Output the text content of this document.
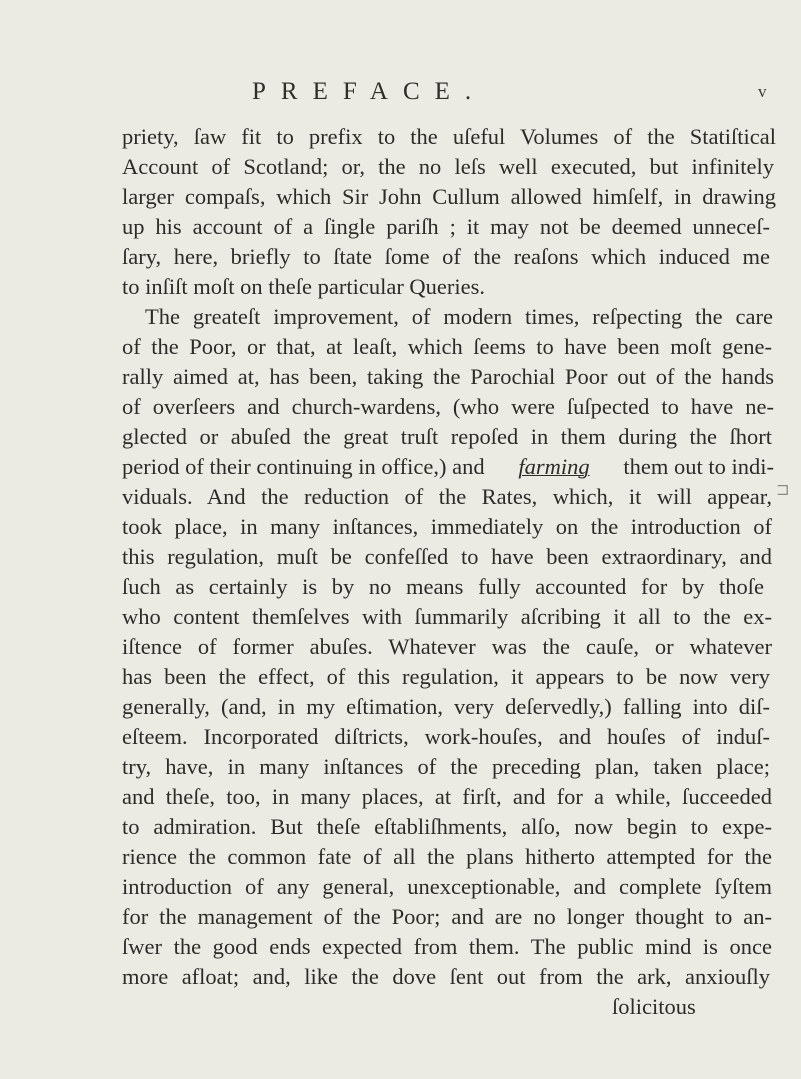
PREFACE.	v
priety, ſaw fit to prefix to the uſeful Volumes of the Statiſtical
Account of Scotland; or, the no leſs well executed, but infinitely
larger compaſs, which Sir John Cullum allowed himſelf, in drawing
up his account of a ſingle pariſh ; it may not be deemed unneceſ-
ſary, here, briefly to ſtate ſome of the reaſons which induced me
to inſiſt moſt on theſe particular Queries.
The greateſt improvement, of modern times, reſpecting the care
of the Poor, or that, at leaſt, which ſeems to have been moſt gene-
rally aimed at, has been, taking the Parochial Poor out of the hands
of overſeers and church-wardens, (who were ſuſpected to have ne-
glected or abuſed the great truſt repoſed in them during the ſhort
period of their continuing in office,) and farming them out to indi-
viduals. And the reduction of the Rates, which, it will appear,
took place, in many inſtances, immediately on the introduction of
this regulation, muſt be confeſſed to have been extraordinary, and
ſuch as certainly is by no means fully accounted for by thoſe
who content themſelves with ſummarily aſcribing it all to the ex-
iſtence of former abuſes. Whatever was the cauſe, or whatever
has been the effect, of this regulation, it appears to be now very
generally, (and, in my eſtimation, very deſervedly,) falling into diſ-
eſteem. Incorporated diſtricts, work-houſes, and houſes of induſ-
try, have, in many inſtances of the preceding plan, taken place;
and theſe, too, in many places, at firſt, and for a while, ſucceeded
to admiration. But theſe eſtabliſhments, alſo, now begin to expe-
rience the common fate of all the plans hitherto attempted for the
introduction of any general, unexceptionable, and complete ſyſtem
for the management of the Poor; and are no longer thought to an-
ſwer the good ends expected from them. The public mind is once
more afloat; and, like the dove ſent out from the ark, anxiouſly
ſolicitous
⊐
